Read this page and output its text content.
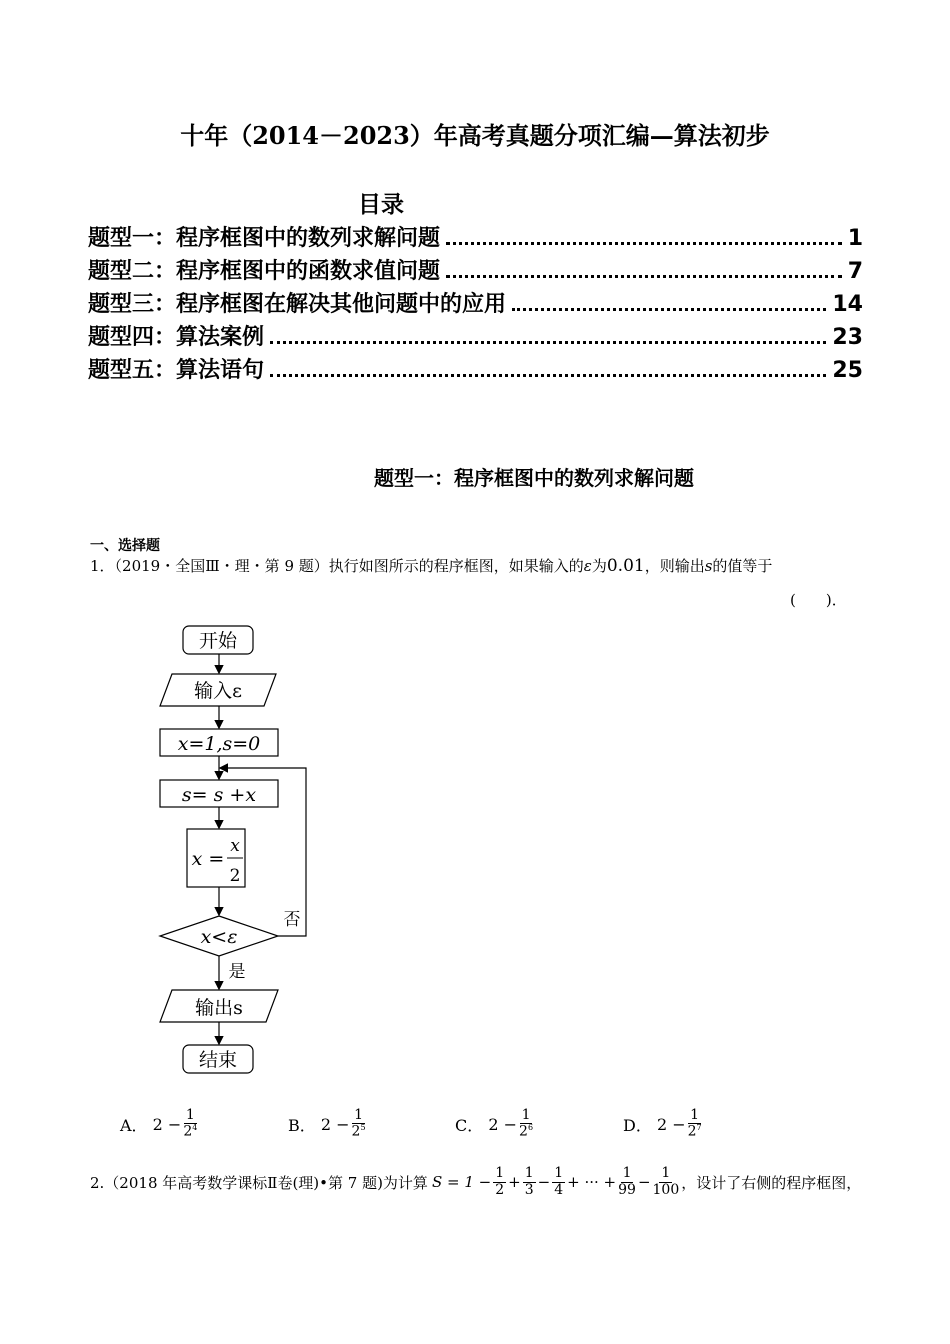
十年（2014－2023）年高考真题分项汇编—算法初步
目录
题型一：程序框图中的数列求解问题	1
题型二：程序框图中的函数求值问题	7
题型三：程序框图在解决其他问题中的应用	14
题型四：算法案例	23
题型五：算法语句	25
题型一：程序框图中的数列求解问题
一、选择题
1．（2019・全国Ⅲ・理・第 9 题）执行如图所示的程序框图，如果输入的ε为0.01，则输出s的值等于
(　　)．
开始
输入ε
x=1,s=0
s= s +x
x =
x
2
x<ε
否
是
输出s
结束
A．
$2 - \frac{1}{2^4}$	B．
$2 - \frac{1}{2^5}$	C．
$2 - \frac{1}{2^6}$	D．
$2 - \frac{1}{2^7}$
2.（2018 年高考数学课标Ⅱ卷(理)•第 7 题)为计算 $S = 1 - \frac{1}{2} + \frac{1}{3} - \frac{1}{4}$ + ··· + $\frac{1}{99} - \frac{1}{100}$ ，设计了右侧的程序框图，
